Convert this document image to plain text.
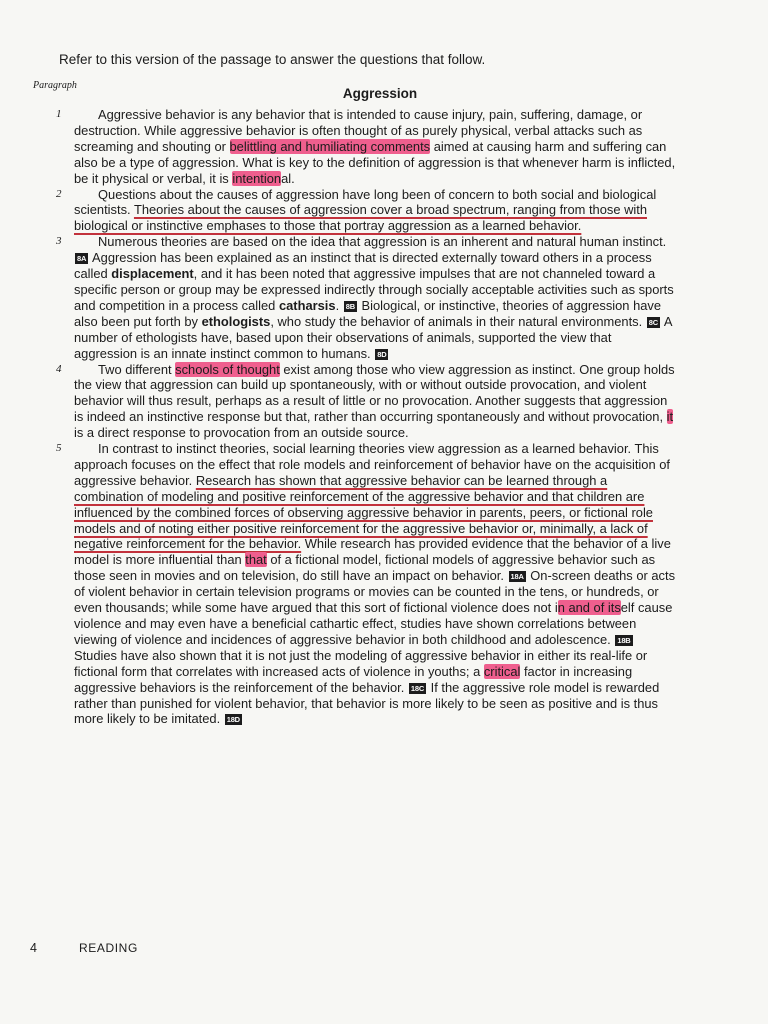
Refer to this version of the passage to answer the questions that follow.
Paragraph
Aggression
1	Aggressive behavior is any behavior that is intended to cause injury, pain, suffering, damage, or destruction. While aggressive behavior is often thought of as purely physical, verbal attacks such as screaming and shouting or belittling and humiliating comments aimed at causing harm and suffering can also be a type of aggression. What is key to the definition of aggression is that whenever harm is inflicted, be it physical or verbal, it is intentional.
2	Questions about the causes of aggression have long been of concern to both social and biological scientists. Theories about the causes of aggression cover a broad spectrum, ranging from those with biological or instinctive emphases to those that portray aggression as a learned behavior.
3	Numerous theories are based on the idea that aggression is an inherent and natural human instinct. 8A Aggression has been explained as an instinct that is directed externally toward others in a process called displacement, and it has been noted that aggressive impulses that are not channeled toward a specific person or group may be expressed indirectly through socially acceptable activities such as sports and competition in a process called catharsis. 8B Biological, or instinctive, theories of aggression have also been put forth by ethologists, who study the behavior of animals in their natural environments. 8C A number of ethologists have, based upon their observations of animals, supported the view that aggression is an innate instinct common to humans. 8D
4	Two different schools of thought exist among those who view aggression as instinct. One group holds the view that aggression can build up spontaneously, with or without outside provocation, and violent behavior will thus result, perhaps as a result of little or no provocation. Another suggests that aggression is indeed an instinctive response but that, rather than occurring spontaneously and without provocation, it is a direct response to provocation from an outside source.
5	In contrast to instinct theories, social learning theories view aggression as a learned behavior. This approach focuses on the effect that role models and reinforcement of behavior have on the acquisition of aggressive behavior. Research has shown that aggressive behavior can be learned through a combination of modeling and positive reinforcement of the aggressive behavior and that children are influenced by the combined forces of observing aggressive behavior in parents, peers, or fictional role models and of noting either positive reinforcement for the aggressive behavior or, minimally, a lack of negative reinforcement for the behavior. While research has provided evidence that the behavior of a live model is more influential than that of a fictional model, fictional models of aggressive behavior such as those seen in movies and on television, do still have an impact on behavior. 18A On-screen deaths or acts of violent behavior in certain television programs or movies can be counted in the tens, or hundreds, or even thousands; while some have argued that this sort of fictional violence does not in and of itself cause violence and may even have a beneficial cathartic effect, studies have shown correlations between viewing of violence and incidences of aggressive behavior in both childhood and adolescence. 18B Studies have also shown that it is not just the modeling of aggressive behavior in either its real-life or fictional form that correlates with increased acts of violence in youths; a critical factor in increasing aggressive behaviors is the reinforcement of the behavior. 18C If the aggressive role model is rewarded rather than punished for violent behavior, that behavior is more likely to be seen as positive and is thus more likely to be imitated. 18D
4	READING
